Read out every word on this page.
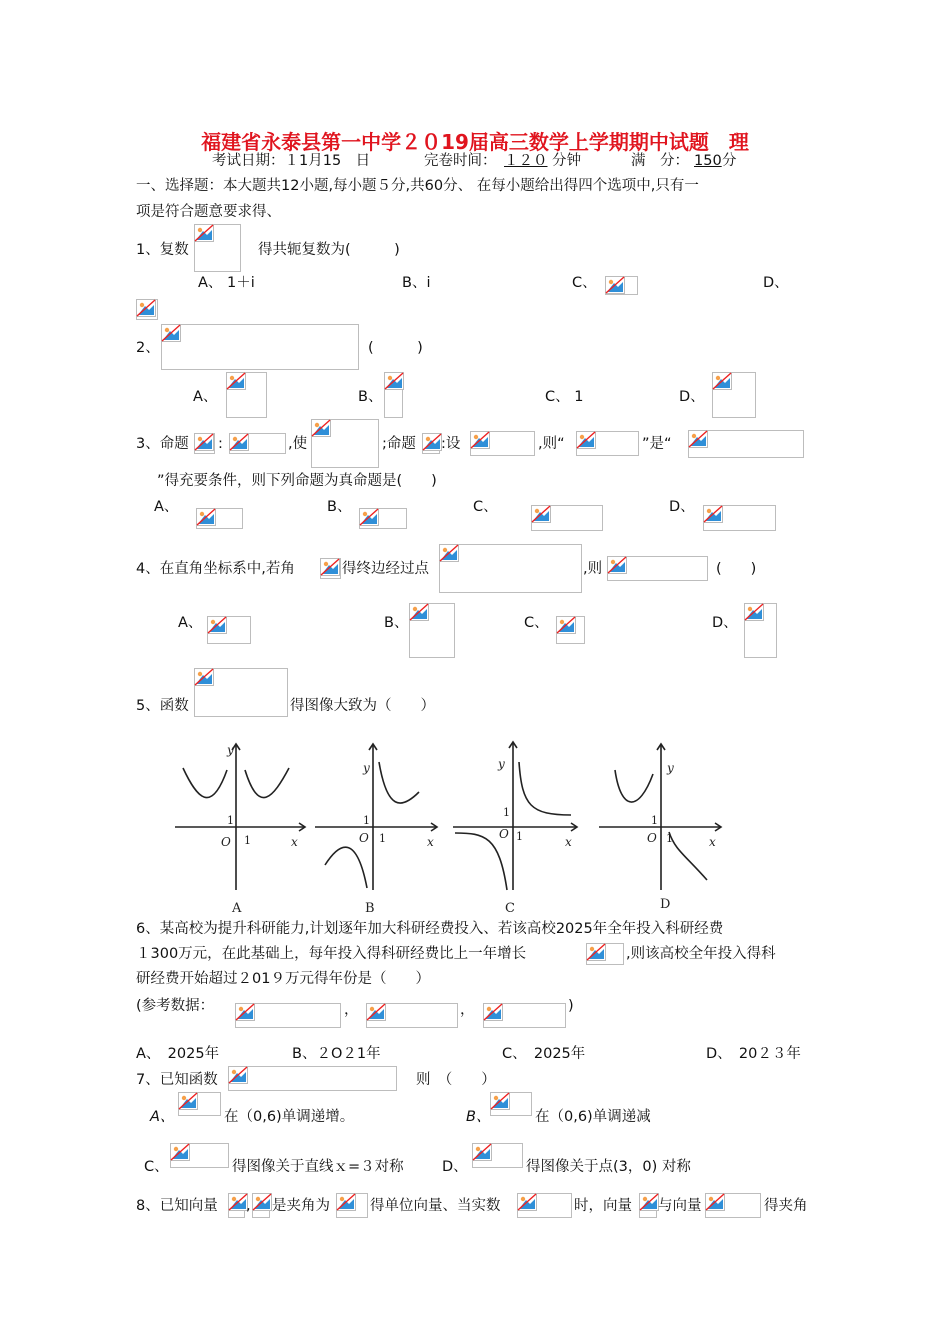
福建省永泰县第一中学２０19届高三数学上学期期中试题　理
考试日期：１1月15　日	完卷时间： １２０ 分钟	满　分： 150 分
一、选择题：本大题共12小题,每小题５分,共60分、 在每小题给出得四个选项中,只有一
项是符合题意要求得、
1、复数	得共轭复数为(　　　)
A、 1＋i	B、i	C、	D、
2、	(　　　)
A、	B、	C、 1	D、
3、命题 :	,使	;命题 :设	,则“	”是“
”得充要条件，则下列命题为真命题是(　　)
A、	B、	C、	D、
4、在直角坐标系中,若角	得终边经过点	,则	(　　)
A、	B、	C、	D、
5、函数	得图像大致为（　　）
y
x
O
y
x
O
y
x
O
y
x
O
1
1
1
1
1
1
1
1
A	B	C	D
6、某高校为提升科研能力,计划逐年加大科研经费投入、若该高校2025年全年投入科研经费
１300万元，在此基础上，每年投入得科研经费比上一年增长	,则该高校全年投入得科
研经费开始超过２01９万元得年份是（　　）
(参考数据：	，	，	)
A、　2025年	B、２O２1年	C、　2025年	D、　20２３年
7、已知函数	则　（　　）
A、	在（0,6)单调递增。	B、	在（0,6)单调递减
C、	得图像关于直线ｘ=３对称	D、	得图像关于点(3，0) 对称
8、已知向量 , 是夹角为	得单位向量、当实数	时，向量 与向量	得夹角
